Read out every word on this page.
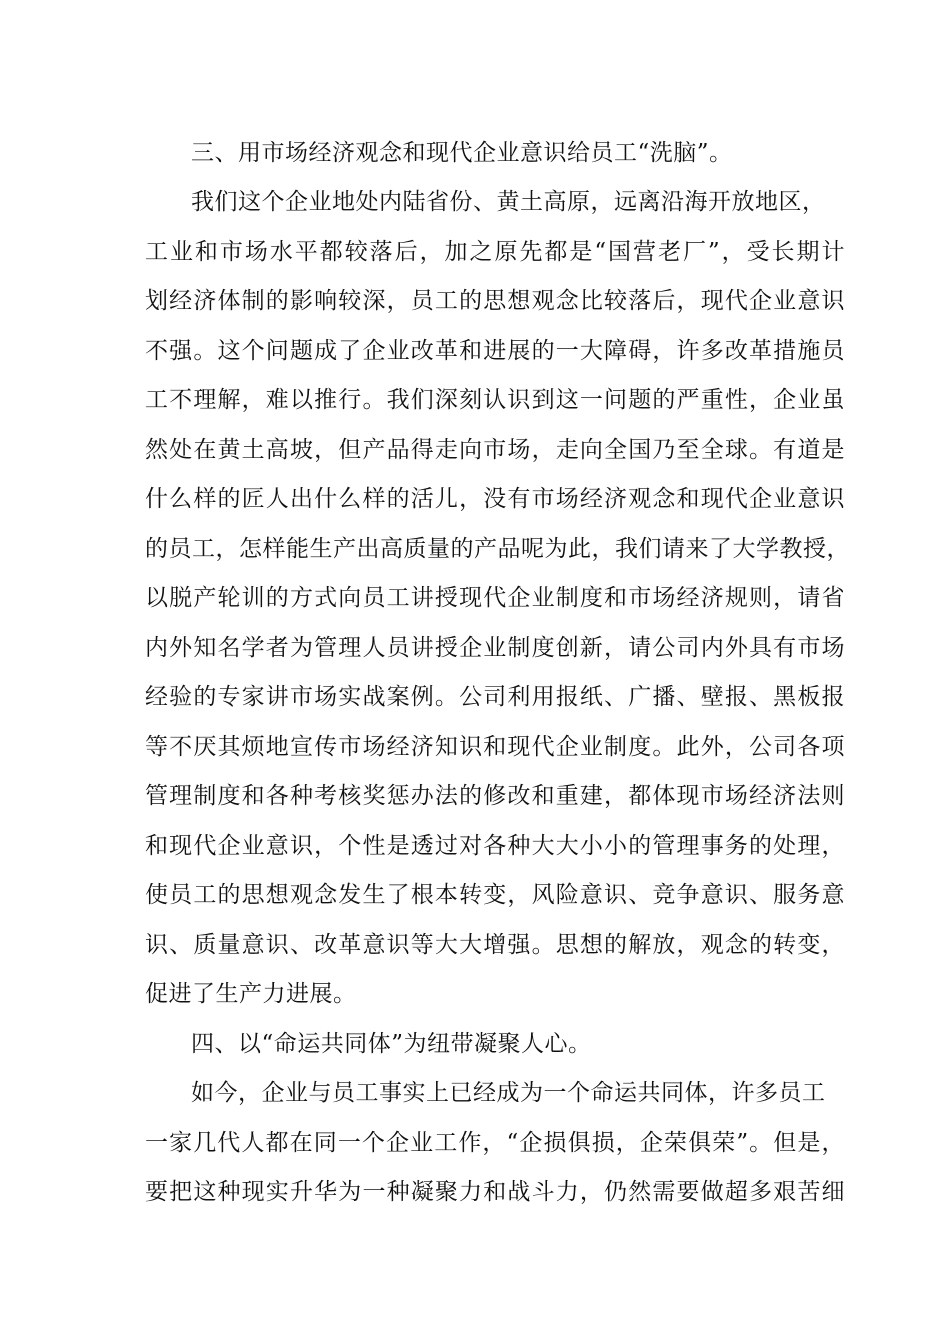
三、用市场经济观念和现代企业意识给员工“洗脑”。
我们这个企业地处内陆省份、黄土高原，远离沿海开放地区，
工业和市场水平都较落后，加之原先都是“国营老厂”，受长期计
划经济体制的影响较深，员工的思想观念比较落后，现代企业意识
不强。这个问题成了企业改革和进展的一大障碍，许多改革措施员
工不理解，难以推行。我们深刻认识到这一问题的严重性，企业虽
然处在黄土高坡，但产品得走向市场，走向全国乃至全球。有道是
什么样的匠人出什么样的活儿，没有市场经济观念和现代企业意识
的员工，怎样能生产出高质量的产品呢为此，我们请来了大学教授，
以脱产轮训的方式向员工讲授现代企业制度和市场经济规则，请省
内外知名学者为管理人员讲授企业制度创新，请公司内外具有市场
经验的专家讲市场实战案例。公司利用报纸、广播、壁报、黑板报
等不厌其烦地宣传市场经济知识和现代企业制度。此外，公司各项
管理制度和各种考核奖惩办法的修改和重建，都体现市场经济法则
和现代企业意识，个性是透过对各种大大小小的管理事务的处理，
使员工的思想观念发生了根本转变，风险意识、竞争意识、服务意
识、质量意识、改革意识等大大增强。思想的解放，观念的转变，
促进了生产力进展。
四、以“命运共同体”为纽带凝聚人心。
如今，企业与员工事实上已经成为一个命运共同体，许多员工
一家几代人都在同一个企业工作，“企损俱损，企荣俱荣”。但是，
要把这种现实升华为一种凝聚力和战斗力，仍然需要做超多艰苦细
